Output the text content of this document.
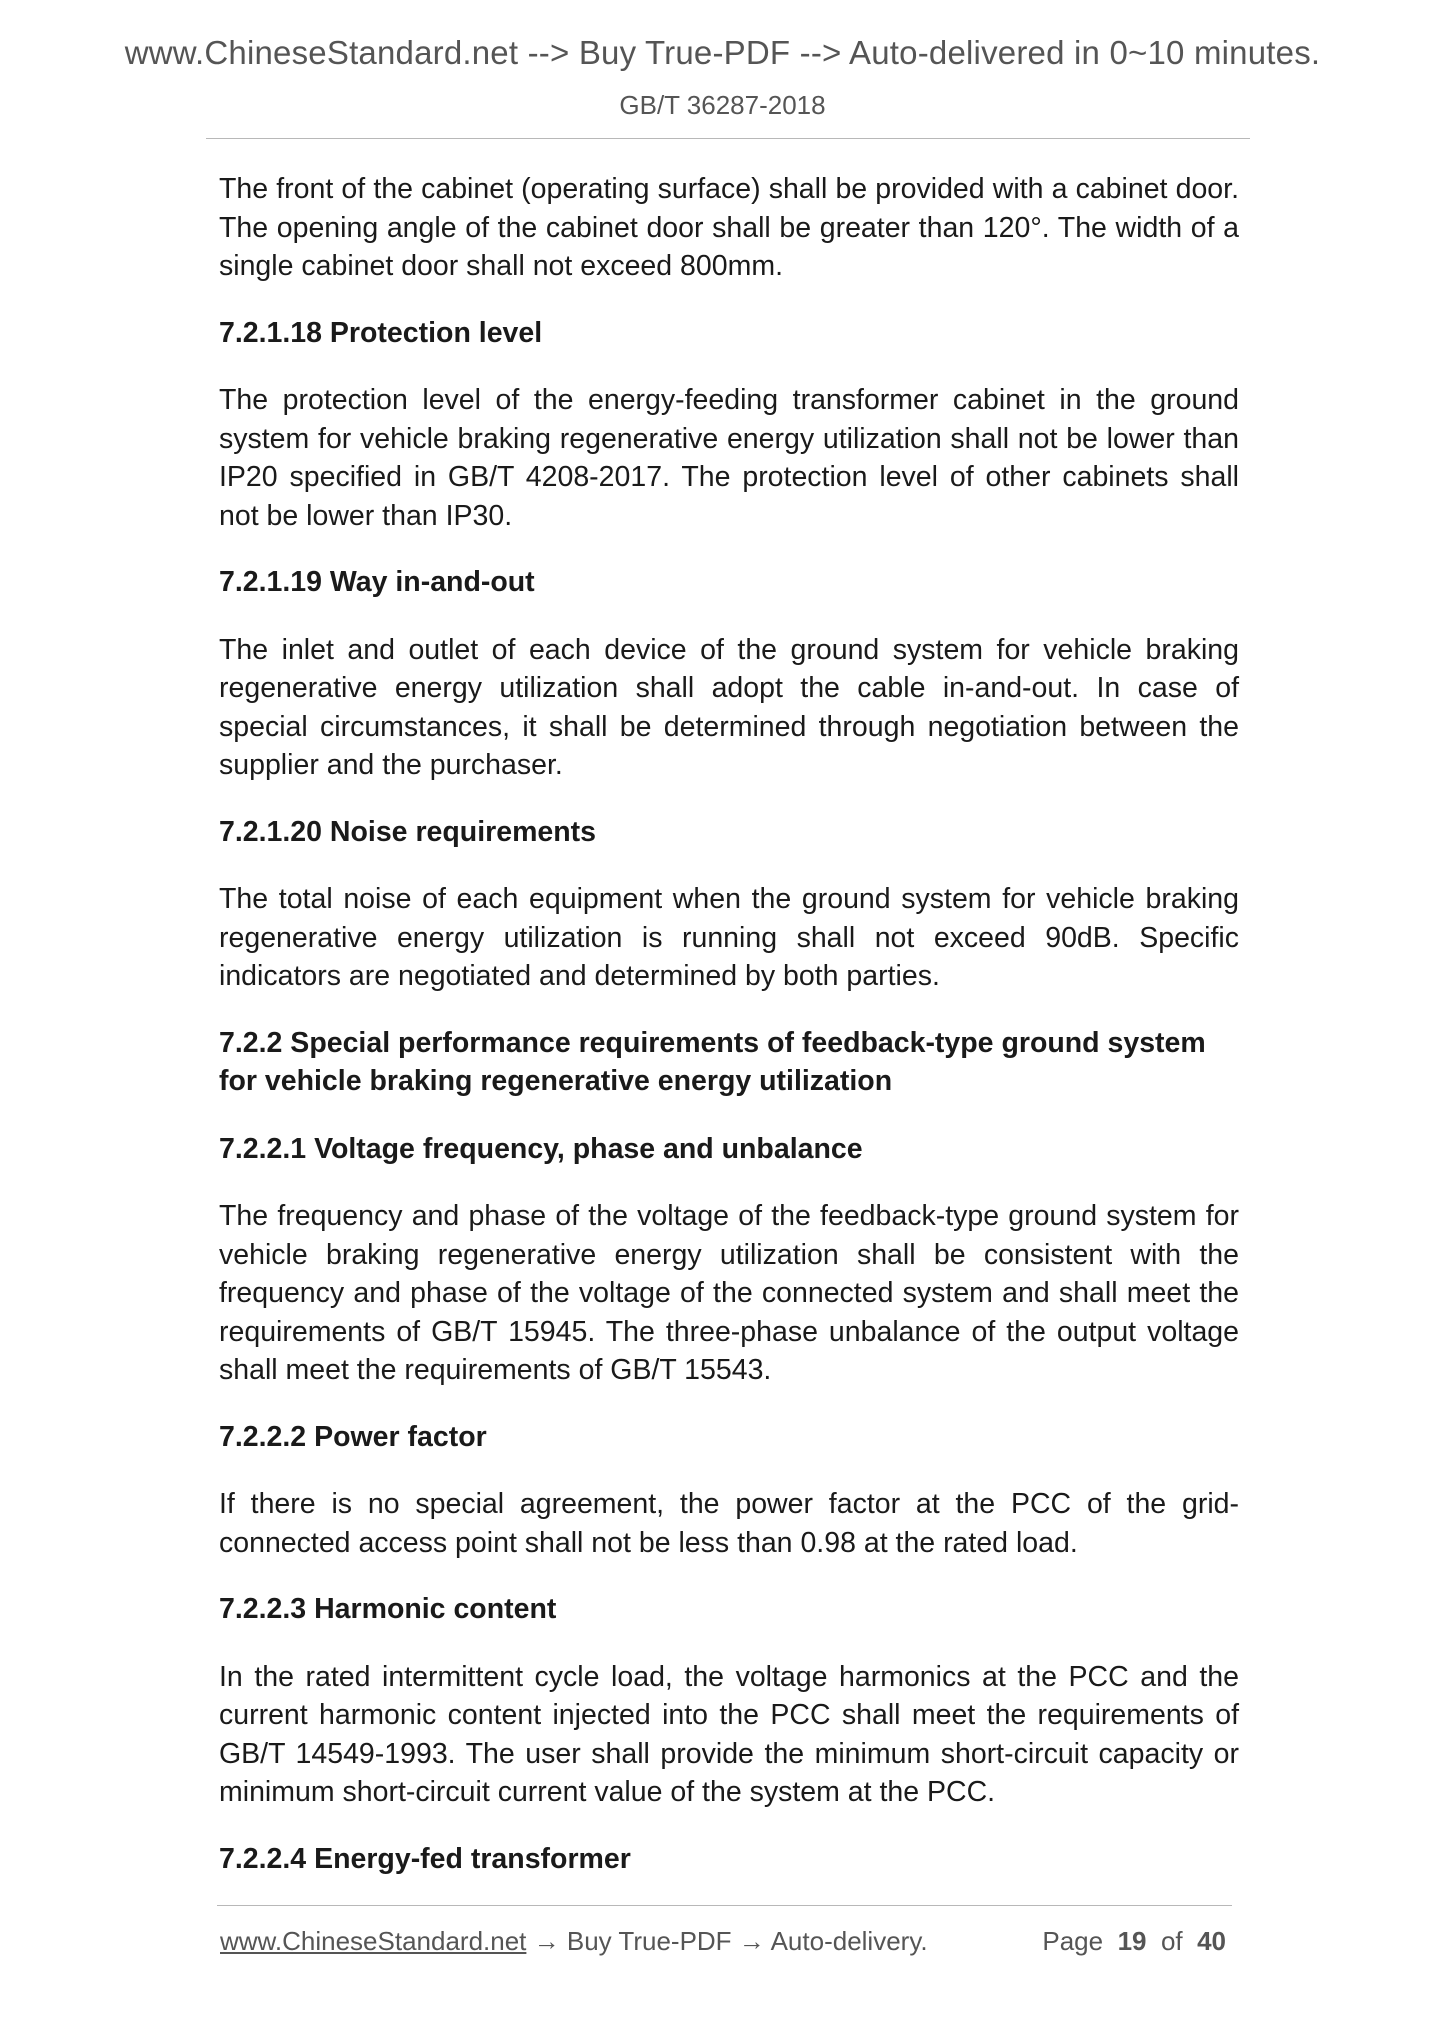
www.ChineseStandard.net --> Buy True-PDF --> Auto-delivered in 0~10 minutes.
GB/T 36287-2018

The front of the cabinet (operating surface) shall be provided with a cabinet door. The opening angle of the cabinet door shall be greater than 120°. The width of a single cabinet door shall not exceed 800mm.

7.2.1.18 Protection level

The protection level of the energy-feeding transformer cabinet in the ground system for vehicle braking regenerative energy utilization shall not be lower than IP20 specified in GB/T 4208-2017. The protection level of other cabinets shall not be lower than IP30.

7.2.1.19 Way in-and-out

The inlet and outlet of each device of the ground system for vehicle braking regenerative energy utilization shall adopt the cable in-and-out. In case of special circumstances, it shall be determined through negotiation between the supplier and the purchaser.

7.2.1.20 Noise requirements

The total noise of each equipment when the ground system for vehicle braking regenerative energy utilization is running shall not exceed 90dB. Specific indicators are negotiated and determined by both parties.

7.2.2 Special performance requirements of feedback-type ground system for vehicle braking regenerative energy utilization

7.2.2.1 Voltage frequency, phase and unbalance

The frequency and phase of the voltage of the feedback-type ground system for vehicle braking regenerative energy utilization shall be consistent with the frequency and phase of the voltage of the connected system and shall meet the requirements of GB/T 15945. The three-phase unbalance of the output voltage shall meet the requirements of GB/T 15543.

7.2.2.2 Power factor

If there is no special agreement, the power factor at the PCC of the grid-connected access point shall not be less than 0.98 at the rated load.

7.2.2.3 Harmonic content

In the rated intermittent cycle load, the voltage harmonics at the PCC and the current harmonic content injected into the PCC shall meet the requirements of GB/T 14549-1993. The user shall provide the minimum short-circuit capacity or minimum short-circuit current value of the system at the PCC.

7.2.2.4 Energy-fed transformer

www.ChineseStandard.net → Buy True-PDF → Auto-delivery.	Page 19 of 40
